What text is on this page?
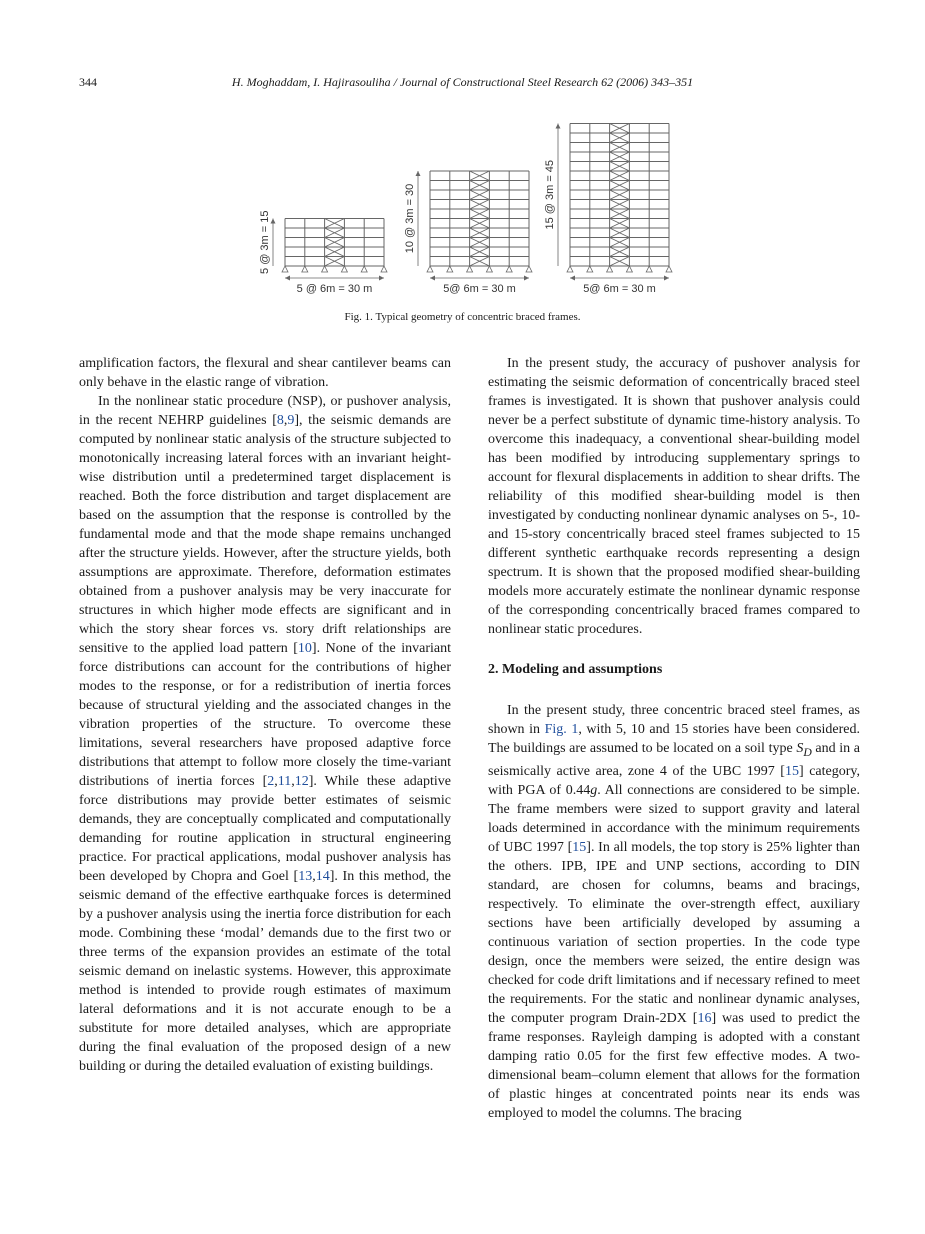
344	H. Moghaddam, I. Hajirasouliha / Journal of Constructional Steel Research 62 (2006) 343–351
5 @ 6m = 30 m
5 @ 3m = 15
5@ 6m = 30 m
10 @ 3m = 30
5@ 6m = 30 m
15 @ 3m = 45
Fig. 1. Typical geometry of concentric braced frames.

amplification factors, the flexural and shear cantilever beams can only behave in the elastic range of vibration.

In the nonlinear static procedure (NSP), or pushover analysis, in the recent NEHRP guidelines [8,9], the seismic demands are computed by nonlinear static analysis of the structure subjected to monotonically increasing lateral forces with an invariant height-wise distribution until a predetermined target displacement is reached. Both the force distribution and target displacement are based on the assumption that the response is controlled by the fundamental mode and that the mode shape remains unchanged after the structure yields. However, after the structure yields, both assumptions are approximate. Therefore, deformation estimates obtained from a pushover analysis may be very inaccurate for structures in which higher mode effects are significant and in which the story shear forces vs. story drift relationships are sensitive to the applied load pattern [10]. None of the invariant force distributions can account for the contributions of higher modes to the response, or for a redistribution of inertia forces because of structural yielding and the associated changes in the vibration properties of the structure. To overcome these limitations, several researchers have proposed adaptive force distributions that attempt to follow more closely the time-variant distributions of inertia forces [2,11,12]. While these adaptive force distributions may provide better estimates of seismic demands, they are conceptually complicated and computationally demanding for routine application in structural engineering practice. For practical applications, modal pushover analysis has been developed by Chopra and Goel [13,14]. In this method, the seismic demand of the effective earthquake forces is determined by a pushover analysis using the inertia force distribution for each mode. Combining these ‘modal’ demands due to the first two or three terms of the expansion provides an estimate of the total seismic demand on inelastic systems. However, this approximate method is intended to provide rough estimates of maximum lateral deformations and it is not accurate enough to be a substitute for more detailed analyses, which are appropriate during the final evaluation of the proposed design of a new building or during the detailed evaluation of existing buildings.

In the present study, the accuracy of pushover analysis for estimating the seismic deformation of concentrically braced steel frames is investigated. It is shown that pushover analysis could never be a perfect substitute of dynamic time-history analysis. To overcome this inadequacy, a conventional shear-building model has been modified by introducing supplementary springs to account for flexural displacements in addition to shear drifts. The reliability of this modified shear-building model is then investigated by conducting nonlinear dynamic analyses on 5-, 10- and 15-story concentrically braced steel frames subjected to 15 different synthetic earthquake records representing a design spectrum. It is shown that the proposed modified shear-building models more accurately estimate the nonlinear dynamic response of the corresponding concentrically braced frames compared to nonlinear static procedures.

2. Modeling and assumptions

In the present study, three concentric braced steel frames, as shown in Fig. 1, with 5, 10 and 15 stories have been considered. The buildings are assumed to be located on a soil type $S_D$ and in a seismically active area, zone 4 of the UBC 1997 [15] category, with PGA of 0.44g. All connections are considered to be simple. The frame members were sized to support gravity and lateral loads determined in accordance with the minimum requirements of UBC 1997 [15]. In all models, the top story is 25% lighter than the others. IPB, IPE and UNP sections, according to DIN standard, are chosen for columns, beams and bracings, respectively. To eliminate the over-strength effect, auxiliary sections have been artificially developed by assuming a continuous variation of section properties. In the code type design, once the members were seized, the entire design was checked for code drift limitations and if necessary refined to meet the requirements. For the static and nonlinear dynamic analyses, the computer program Drain-2DX [16] was used to predict the frame responses. Rayleigh damping is adopted with a constant damping ratio 0.05 for the first few effective modes. A two-dimensional beam–column element that allows for the formation of plastic hinges at concentrated points near its ends was employed to model the columns. The bracing
